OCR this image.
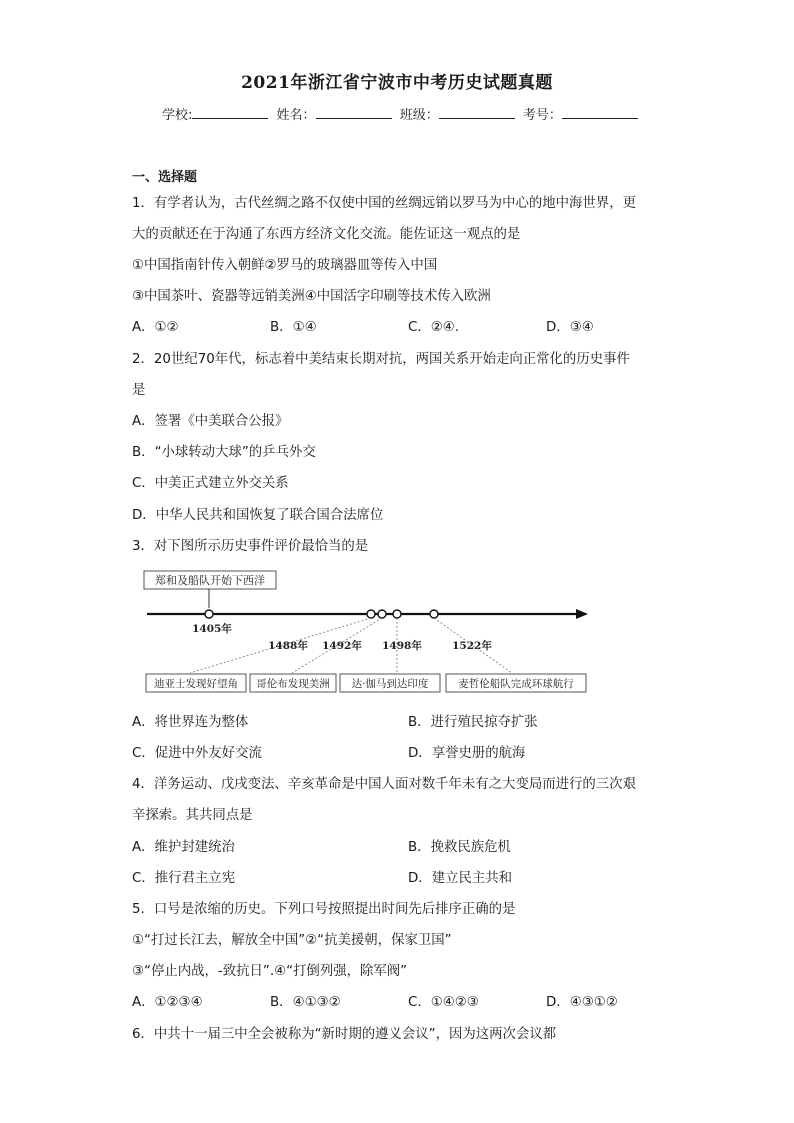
2021年浙江省宁波市中考历史试题真题
学校:	姓名：	班级：	考号：
一、选择题
1．有学者认为，古代丝绸之路不仅使中国的丝绸远销以罗马为中心的地中海世界，更
大的贡献还在于沟通了东西方经济文化交流。能佐证这一观点的是
①中国指南针传入朝鲜②罗马的玻璃器皿等传入中国
③中国茶叶、瓷器等远销美洲④中国活字印刷等技术传入欧洲
A．①②	B．①④	C．②④.	D．③④
2．20世纪70年代，标志着中美结束长期对抗，两国关系开始走向正常化的历史事件
是
A．签署《中美联合公报》
B．“小球转动大球”的乒乓外交
C．中美正式建立外交关系
D．中华人民共和国恢复了联合国合法席位
3．对下图所示历史事件评价最恰当的是
郑和及船队开始下西洋
1405年
1488年 1492年 1498年	1522年
迪亚士发现好望角 哥伦布发现美洲 达·伽马到达印度	麦哲伦船队完成环球航行
A．将世界连为整体	B．进行殖民掠夺扩张
C．促进中外友好交流	D．享誉史册的航海
4．洋务运动、戊戌变法、辛亥革命是中国人面对数千年未有之大变局而进行的三次艰
辛探索。其共同点是
A．维护封建统治	B．挽救民族危机
C．推行君主立宪	D．建立民主共和
5．口号是浓缩的历史。下列口号按照提出时间先后排序正确的是
①“打过长江去，解放全中国”②“抗美援朝，保家卫国”
③“停止内战，-致抗日”.④“打倒列强，除军阀”
A．①②③④	B．④①③②	C．①④②③	D．④③①②
6．中共十一届三中全会被称为“新时期的遵义会议”，因为这两次会议都
